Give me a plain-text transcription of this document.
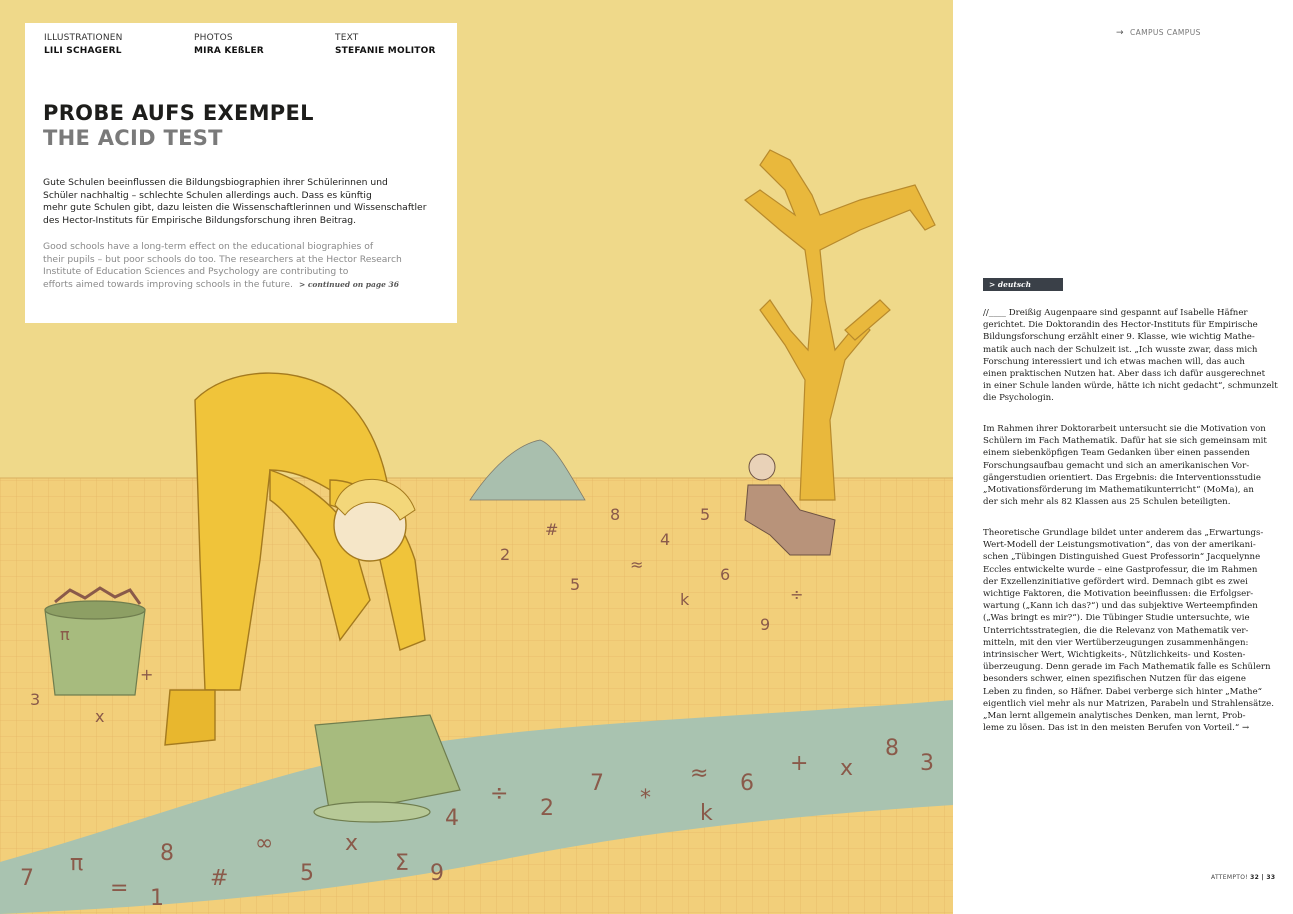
π
3
x
+
2
5
≈
k
6
9
8
4
5
#
÷
7
π
=
8
#
∞
5
x
Σ
4
÷
2
7
*
≈ 6
+ x
8
3
1
9
k
ILLUSTRATIONEN
LILI SCHAGERL
PHOTOS
MIRA KEßLER
TEXT
STEFANIE MOLITOR
PROBE AUFS EXEMPEL
THE ACID TEST
Gute Schulen beeinflussen die Bildungsbiographien ihrer Schülerinnen und
Schüler nachhaltig – schlechte Schulen allerdings auch. Dass es künftig
mehr gute Schulen gibt, dazu leisten die Wissenschaftlerinnen und Wissenschaftler
des Hector-Instituts für Empirische Bildungsforschung ihren Beitrag.
Good schools have a long-term effect on the educational biographies of
their pupils – but poor schools do too. The researchers at the Hector Research
Institute of Education Sciences and Psychology are contributing to
efforts aimed towards improving schools in the future. > continued on page 36
→ CAMPUS CAMPUS
> deutsch
//____ Dreißig Augenpaare sind gespannt auf Isabelle Häfner
gerichtet. Die Doktorandin des Hector-Instituts für Empirische
Bildungsforschung erzählt einer 9. Klasse, wie wichtig Mathe-
matik auch nach der Schulzeit ist. „Ich wusste zwar, dass mich
Forschung interessiert und ich etwas machen will, das auch
einen praktischen Nutzen hat. Aber dass ich dafür ausgerechnet
in einer Schule landen würde, hätte ich nicht gedacht“, schmunzelt
die Psychologin.
Im Rahmen ihrer Doktorarbeit untersucht sie die Motivation von
Schülern im Fach Mathematik. Dafür hat sie sich gemeinsam mit
einem siebenköpfigen Team Gedanken über einen passenden
Forschungsaufbau gemacht und sich an amerikanischen Vor-
gängerstudien orientiert. Das Ergebnis: die Interventionsstudie
„Motivationsförderung im Mathematikunterricht“ (MoMa), an
der sich mehr als 82 Klassen aus 25 Schulen beteiligten.
Theoretische Grundlage bildet unter anderem das „Erwartungs-
Wert-Modell der Leistungsmotivation“, das von der amerikani-
schen „Tübingen Distinguished Guest Professorin“ Jacquelynne
Eccles entwickelte wurde – eine Gastprofessur, die im Rahmen
der Exzellenzinitiative gefördert wird. Demnach gibt es zwei
wichtige Faktoren, die Motivation beeinflussen: die Erfolgser-
wartung („Kann ich das?“) und das subjektive Werteempfinden
(„Was bringt es mir?“). Die Tübinger Studie untersuchte, wie
Unterrichtsstrategien, die die Relevanz von Mathematik ver-
mitteln, mit den vier Wertüberzeugungen zusammenhängen:
intrinsischer Wert, Wichtigkeits-, Nützlichkeits- und Kosten-
überzeugung. Denn gerade im Fach Mathematik falle es Schülern
besonders schwer, einen spezifischen Nutzen für das eigene
Leben zu finden, so Häfner. Dabei verberge sich hinter „Mathe“
eigentlich viel mehr als nur Matrizen, Parabeln und Strahlensätze.
„Man lernt allgemein analytisches Denken, man lernt, Prob-
leme zu lösen. Das ist in den meisten Berufen von Vorteil.“ →
ATTEMPTO! 32 | 33
